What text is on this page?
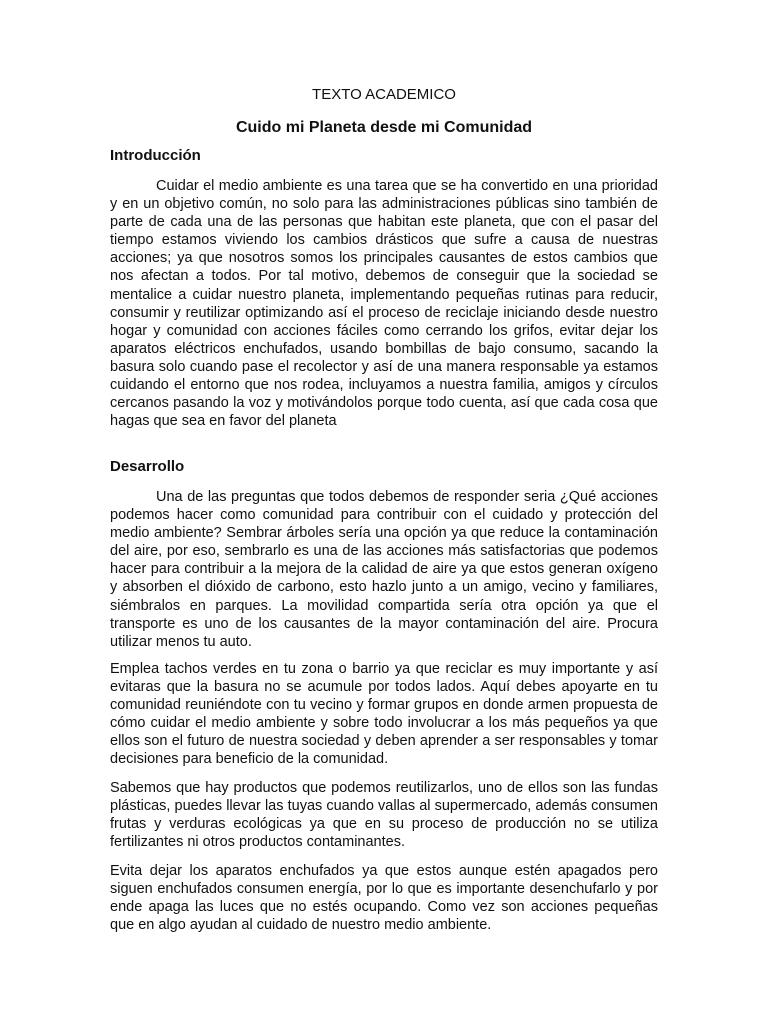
TEXTO ACADEMICO
Cuido mi Planeta desde mi Comunidad
Introducción

Cuidar el medio ambiente es una tarea que se ha convertido en una prioridad y en un objetivo común, no solo para las administraciones públicas sino también de parte de cada una de las personas que habitan este planeta, que con el pasar del tiempo estamos viviendo los cambios drásticos que sufre a causa de nuestras acciones; ya que nosotros somos los principales causantes de estos cambios que nos afectan a todos. Por tal motivo, debemos de conseguir que la sociedad se mentalice a cuidar nuestro planeta, implementando pequeñas rutinas para reducir, consumir y reutilizar optimizando así el proceso de reciclaje iniciando desde nuestro hogar y comunidad con acciones fáciles como cerrando los grifos, evitar dejar los aparatos eléctricos enchufados, usando bombillas de bajo consumo, sacando la basura solo cuando pase el recolector y así de una manera responsable ya estamos cuidando el entorno que nos rodea, incluyamos a nuestra familia, amigos y círculos cercanos pasando la voz y motivándolos porque todo cuenta, así que cada cosa que hagas que sea en favor del planeta

Desarrollo

Una de las preguntas que todos debemos de responder seria ¿Qué acciones podemos hacer como comunidad para contribuir con el cuidado y protección del medio ambiente? Sembrar árboles sería una opción ya que reduce la contaminación del aire, por eso, sembrarlo es una de las acciones más satisfactorias que podemos hacer para contribuir a la mejora de la calidad de aire ya que estos generan oxígeno y absorben el dióxido de carbono, esto hazlo junto a un amigo, vecino y familiares, siémbralos en parques. La movilidad compartida sería otra opción ya que el transporte es uno de los causantes de la mayor contaminación del aire. Procura utilizar menos tu auto.

Emplea tachos verdes en tu zona o barrio ya que reciclar es muy importante y así evitaras que la basura no se acumule por todos lados. Aquí debes apoyarte en tu comunidad reuniéndote con tu vecino y formar grupos en donde armen propuesta de cómo cuidar el medio ambiente y sobre todo involucrar a los más pequeños ya que ellos son el futuro de nuestra sociedad y deben aprender a ser responsables y tomar decisiones para beneficio de la comunidad.

Sabemos que hay productos que podemos reutilizarlos, uno de ellos son las fundas plásticas, puedes llevar las tuyas cuando vallas al supermercado, además consumen frutas y verduras ecológicas ya que en su proceso de producción no se utiliza fertilizantes ni otros productos contaminantes.

Evita dejar los aparatos enchufados ya que estos aunque estén apagados pero siguen enchufados consumen energía, por lo que es importante desenchufarlo y por ende apaga las luces que no estés ocupando. Como vez son acciones pequeñas que en algo ayudan al cuidado de nuestro medio ambiente.
